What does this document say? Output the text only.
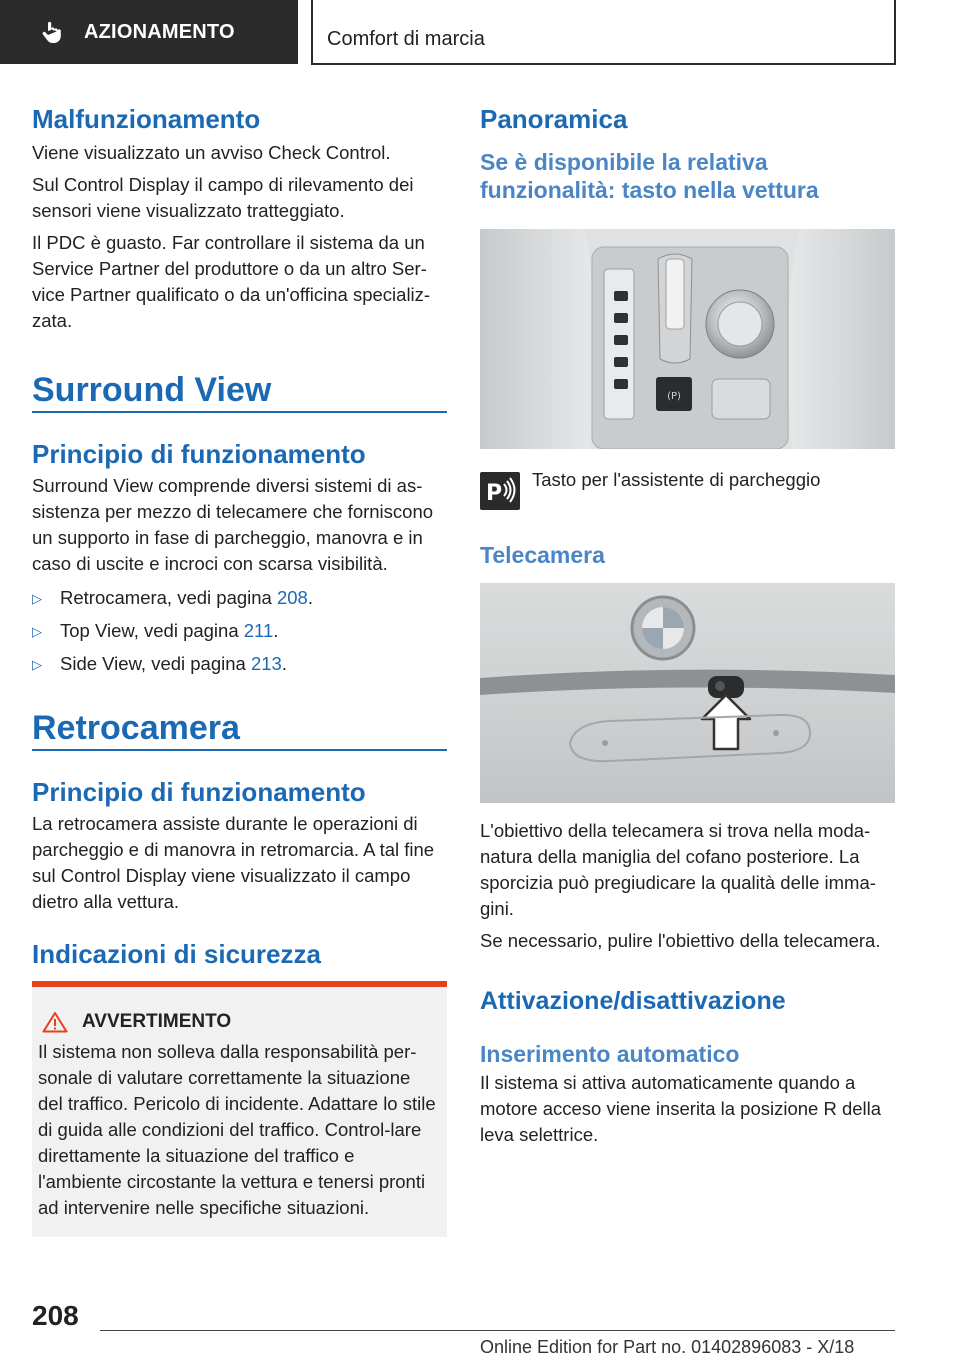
AZIONAMENTO	Comfort di marcia
Malfunzionamento

Viene visualizzato un avviso Check Control.

Sul Control Display il campo di rilevamento dei sensori viene visualizzato tratteggiato.

Il PDC è guasto. Far controllare il sistema da un Service Partner del produttore o da un altro Ser-vice Partner qualificato o da un'officina specializ-zata.

Surround View
Principio di funzionamento

Surround View comprende diversi sistemi di as-sistenza per mezzo di telecamere che forniscono un supporto in fase di parcheggio, manovra e in caso di uscite e incroci con scarsa visibilità.

▷ Retrocamera, vedi pagina 208.
▷ Top View, vedi pagina 211.
▷ Side View, vedi pagina 213.
Retrocamera
Principio di funzionamento

La retrocamera assiste durante le operazioni di parcheggio e di manovra in retromarcia. A tal fine sul Control Display viene visualizzato il campo dietro alla vettura.

Indicazioni di sicurezza
AVVERTIMENTO

Il sistema non solleva dalla responsabilità per-sonale di valutare correttamente la situazione del traffico. Pericolo di incidente. Adattare lo stile di guida alle condizioni del traffico. Control-lare direttamente la situazione del traffico e l'ambiente circostante la vettura e tenersi pronti ad intervenire nelle specifiche situazioni.

Panoramica
Se è disponibile la relativa funzionalità: tasto nella vettura
(P)
P

Tasto per l'assistente di parcheggio

Telecamera

L'obiettivo della telecamera si trova nella moda-natura della maniglia del cofano posteriore. La sporcizia può pregiudicare la qualità delle imma-gini.

Se necessario, pulire l'obiettivo della telecamera.

Attivazione/disattivazione
Inserimento automatico

Il sistema si attiva automaticamente quando a motore acceso viene inserita la posizione R della leva selettrice.

208
Online Edition for Part no. 01402896083 - X/18
